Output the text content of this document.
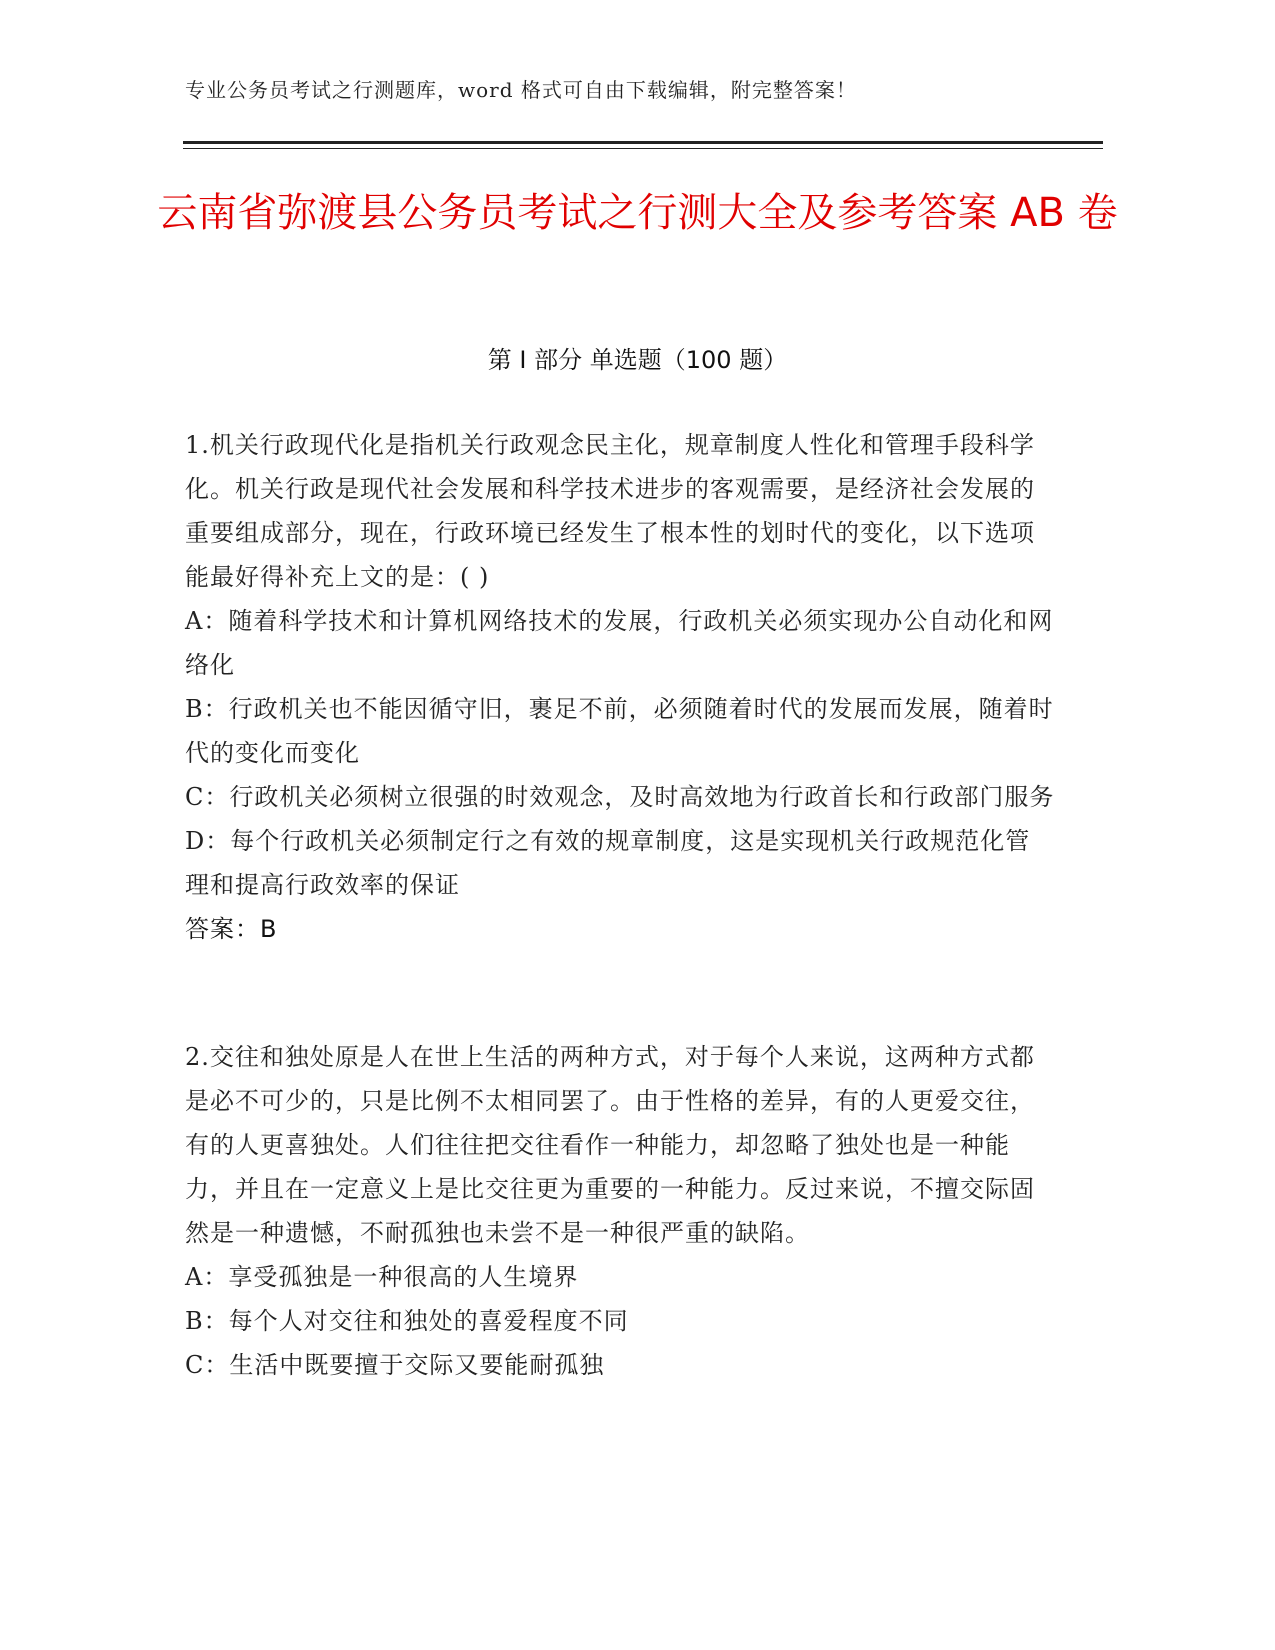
专业公务员考试之行测题库，word 格式可自由下载编辑，附完整答案！
云南省弥渡县公务员考试之行测大全及参考答案 AB 卷
第 I 部分 单选题（100 题）

1.机关行政现代化是指机关行政观念民主化，规章制度人性化和管理手段科学化。机关行政是现代社会发展和科学技术进步的客观需要，是经济社会发展的重要组成部分，现在，行政环境已经发生了根本性的划时代的变化，以下选项能最好得补充上文的是：( )

A：随着科学技术和计算机网络技术的发展，行政机关必须实现办公自动化和网络化

B：行政机关也不能因循守旧，裹足不前，必须随着时代的发展而发展，随着时代的变化而变化

C：行政机关必须树立很强的时效观念，及时高效地为行政首长和行政部门服务

D：每个行政机关必须制定行之有效的规章制度，这是实现机关行政规范化管理和提高行政效率的保证

答案：B

2.交往和独处原是人在世上生活的两种方式，对于每个人来说，这两种方式都是必不可少的，只是比例不太相同罢了。由于性格的差异，有的人更爱交往，有的人更喜独处。人们往往把交往看作一种能力，却忽略了独处也是一种能力，并且在一定意义上是比交往更为重要的一种能力。反过来说，不擅交际固然是一种遗憾，不耐孤独也未尝不是一种很严重的缺陷。

A：享受孤独是一种很高的人生境界

B：每个人对交往和独处的喜爱程度不同

C：生活中既要擅于交际又要能耐孤独
